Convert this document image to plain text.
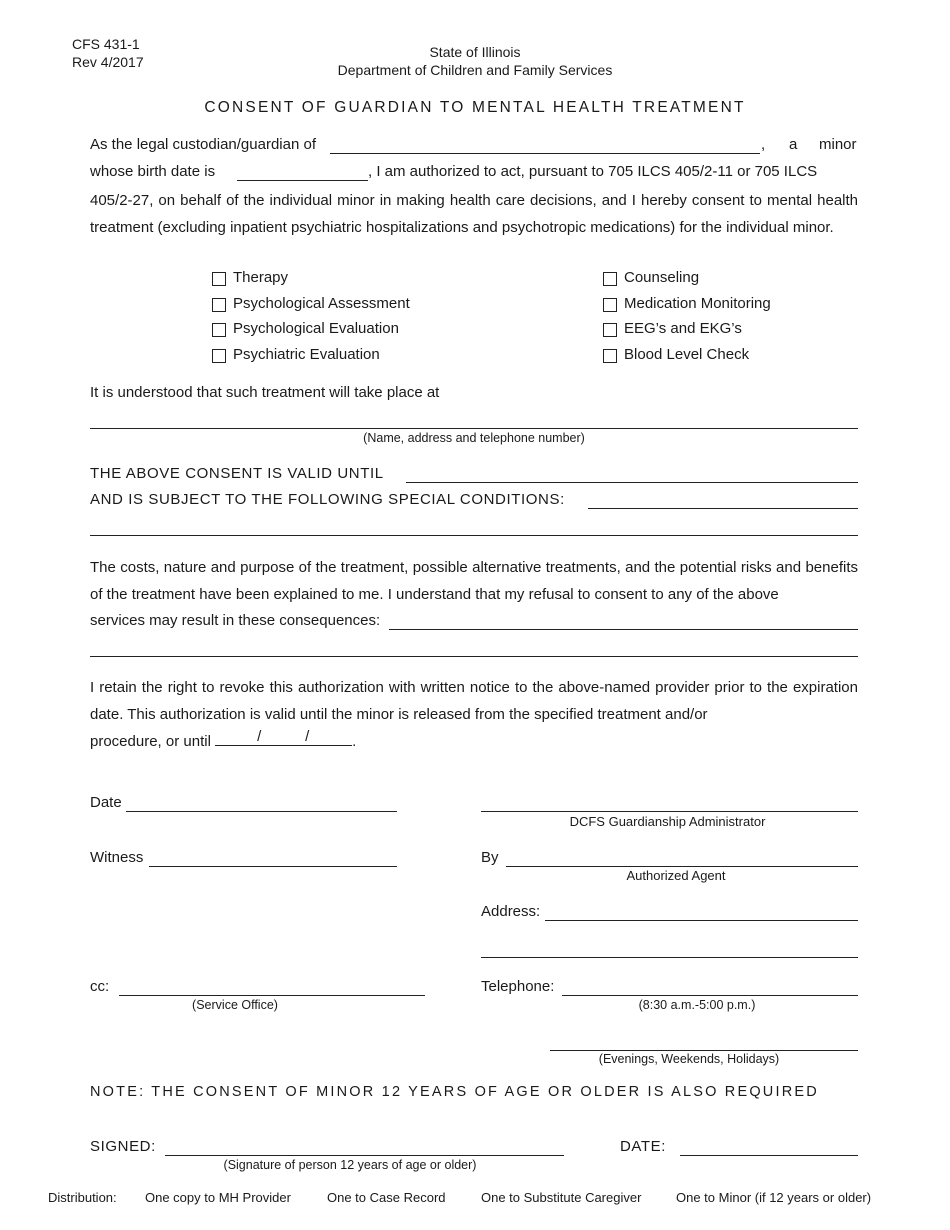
CFS 431-1
Rev 4/2017
State of Illinois
Department of Children and Family Services
CONSENT OF GUARDIAN TO MENTAL HEALTH TREATMENT
As the legal custodian/guardian of	, a minor
whose birth date is	, I am authorized to act, pursuant to 705 ILCS 405/2-11 or 705 ILCS
405/2-27, on behalf of the individual minor in making health care decisions, and I hereby consent to mental health treatment (excluding inpatient psychiatric hospitalizations and psychotropic medications) for the individual minor.
Therapy
Psychological Assessment
Psychological Evaluation
Psychiatric Evaluation
Counseling
Medication Monitoring
EEG’s and EKG’s
Blood Level Check
It is understood that such treatment will take place at
(Name, address and telephone number)
THE ABOVE CONSENT IS VALID UNTIL
AND IS SUBJECT TO THE FOLLOWING SPECIAL CONDITIONS:
The costs, nature and purpose of the treatment, possible alternative treatments, and the potential risks and benefits of the treatment have been explained to me. I understand that my refusal to consent to any of the above
services may result in these consequences:
I retain the right to revoke this authorization with written notice to the above-named provider prior to the expiration date. This authorization is valid until the minor is released from the specified treatment and/or
procedure, or until	/	/	.
Date
Witness
cc:
(Service Office)
DCFS Guardianship Administrator
By
Authorized Agent
Address:
Telephone:
(8:30 a.m.-5:00 p.m.)
(Evenings, Weekends, Holidays)
NOTE: THE CONSENT OF MINOR 12 YEARS OF AGE OR OLDER IS ALSO REQUIRED
SIGNED:
(Signature of person 12 years of age or older)
DATE:
Distribution: One copy to MH Provider	One to Case Record	One to Substitute Caregiver	One to Minor (if 12 years or older)
